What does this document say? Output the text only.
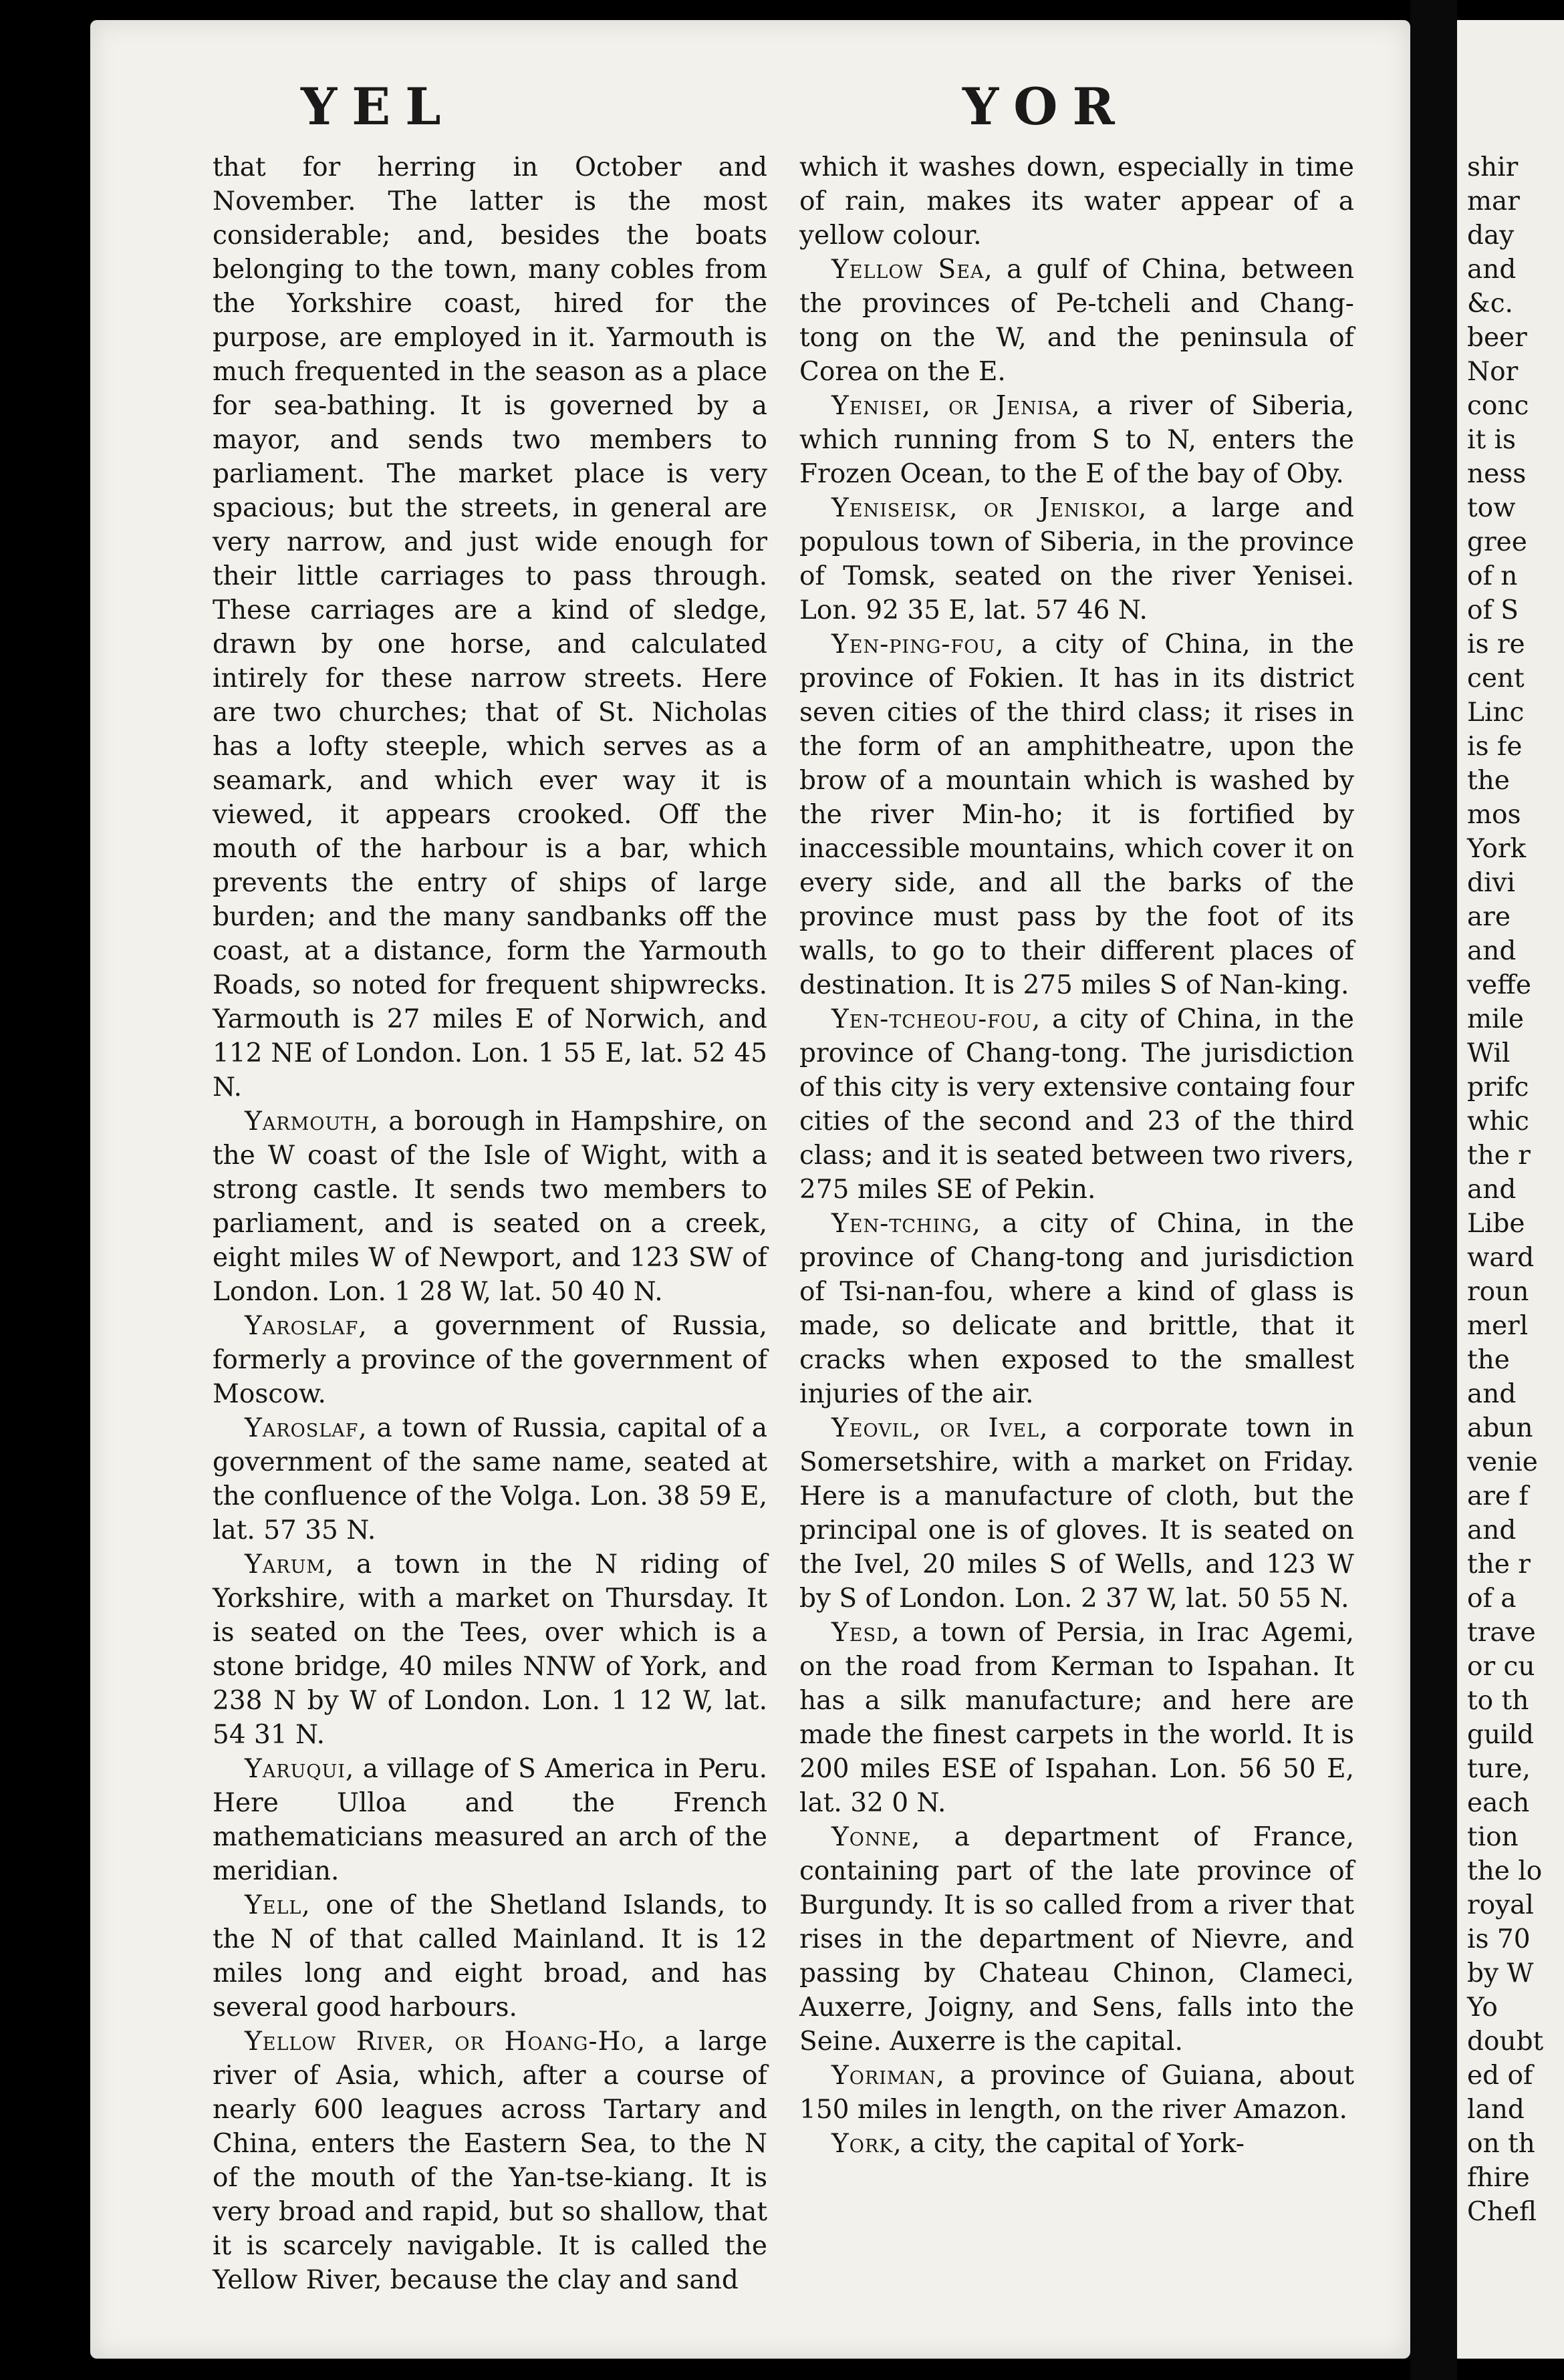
YEL	YOR

that for herring in October and November. The latter is the most considerable; and, besides the boats belonging to the town, many cobles from the Yorkshire coast, hired for the purpose, are employed in it. Yarmouth is much frequented in the season as a place for sea-bathing. It is governed by a mayor, and sends two members to parliament. The market place is very spacious; but the streets, in general are very narrow, and just wide enough for their little carriages to pass through. These carriages are a kind of sledge, drawn by one horse, and calculated intirely for these narrow streets. Here are two churches; that of St. Nicholas has a lofty steeple, which serves as a seamark, and which ever way it is viewed, it appears crooked. Off the mouth of the harbour is a bar, which prevents the entry of ships of large burden; and the many sandbanks off the coast, at a distance, form the Yarmouth Roads, so noted for frequent shipwrecks. Yarmouth is 27 miles E of Norwich, and 112 NE of London. Lon. 1 55 E, lat. 52 45 N.

Yarmouth, a borough in Hampshire, on the W coast of the Isle of Wight, with a strong castle. It sends two members to parliament, and is seated on a creek, eight miles W of Newport, and 123 SW of London. Lon. 1 28 W, lat. 50 40 N.

Yaroslaf, a government of Russia, formerly a province of the government of Moscow.

Yaroslaf, a town of Russia, capital of a government of the same name, seated at the confluence of the Volga. Lon. 38 59 E, lat. 57 35 N.

Yarum, a town in the N riding of Yorkshire, with a market on Thursday. It is seated on the Tees, over which is a stone bridge, 40 miles NNW of York, and 238 N by W of London. Lon. 1 12 W, lat. 54 31 N.

Yaruqui, a village of S America in Peru. Here Ulloa and the French mathematicians measured an arch of the meridian.

Yell, one of the Shetland Islands, to the N of that called Mainland. It is 12 miles long and eight broad, and has several good harbours.

Yellow River, or Hoang-Ho, a large river of Asia, which, after a course of nearly 600 leagues across Tartary and China, enters the Eastern Sea, to the N of the mouth of the Yan-tse-kiang. It is very broad and rapid, but so shallow, that it is scarcely navigable. It is called the Yellow River, because the clay and sand

which it washes down, especially in time of rain, makes its water appear of a yellow colour.

Yellow Sea, a gulf of China, between the provinces of Pe-tcheli and Chang-tong on the W, and the peninsula of Corea on the E.

Yenisei, or Jenisa, a river of Siberia, which running from S to N, enters the Frozen Ocean, to the E of the bay of Oby.

Yeniseisk, or Jeniskoi, a large and populous town of Siberia, in the province of Tomsk, seated on the river Yenisei. Lon. 92 35 E, lat. 57 46 N.

Yen-ping-fou, a city of China, in the province of Fokien. It has in its district seven cities of the third class; it rises in the form of an amphitheatre, upon the brow of a mountain which is washed by the river Min-ho; it is fortified by inaccessible mountains, which cover it on every side, and all the barks of the province must pass by the foot of its walls, to go to their different places of destination. It is 275 miles S of Nan-king.

Yen-tcheou-fou, a city of China, in the province of Chang-tong. The jurisdiction of this city is very extensive containg four cities of the second and 23 of the third class; and it is seated between two rivers, 275 miles SE of Pekin.

Yen-tching, a city of China, in the province of Chang-tong and jurisdiction of Tsi-nan-fou, where a kind of glass is made, so delicate and brittle, that it cracks when exposed to the smallest injuries of the air.

Yeovil, or Ivel, a corporate town in Somersetshire, with a market on Friday. Here is a manufacture of cloth, but the principal one is of gloves. It is seated on the Ivel, 20 miles S of Wells, and 123 W by S of London. Lon. 2 37 W, lat. 50 55 N.

Yesd, a town of Persia, in Irac Agemi, on the road from Kerman to Ispahan. It has a silk manufacture; and here are made the finest carpets in the world. It is 200 miles ESE of Ispahan. Lon. 56 50 E, lat. 32 0 N.

Yonne, a department of France, containing part of the late province of Burgundy. It is so called from a river that rises in the department of Nievre, and passing by Chateau Chinon, Clameci, Auxerre, Joigny, and Sens, falls into the Seine. Auxerre is the capital.

Yoriman, a province of Guiana, about 150 miles in length, on the river Amazon.

York, a city, the capital of York-

shir
mar
day
and
&c.
beer
Nor
conc
it is
ness
tow
gree
of n
of S
is re
cent
Linc
is fe
the
mos
York
divi
are
and
veffe
mile
Wil
prifc
whic
the r
and
Libe
ward
roun
merl
the
and
abun
venie
are f
and
the r
of a
trave
or cu
to th
guild
ture,
each
tion
the lo
royal
is 70
by W
Yo
doubt
ed of
land
on th
fhire
Chefl
